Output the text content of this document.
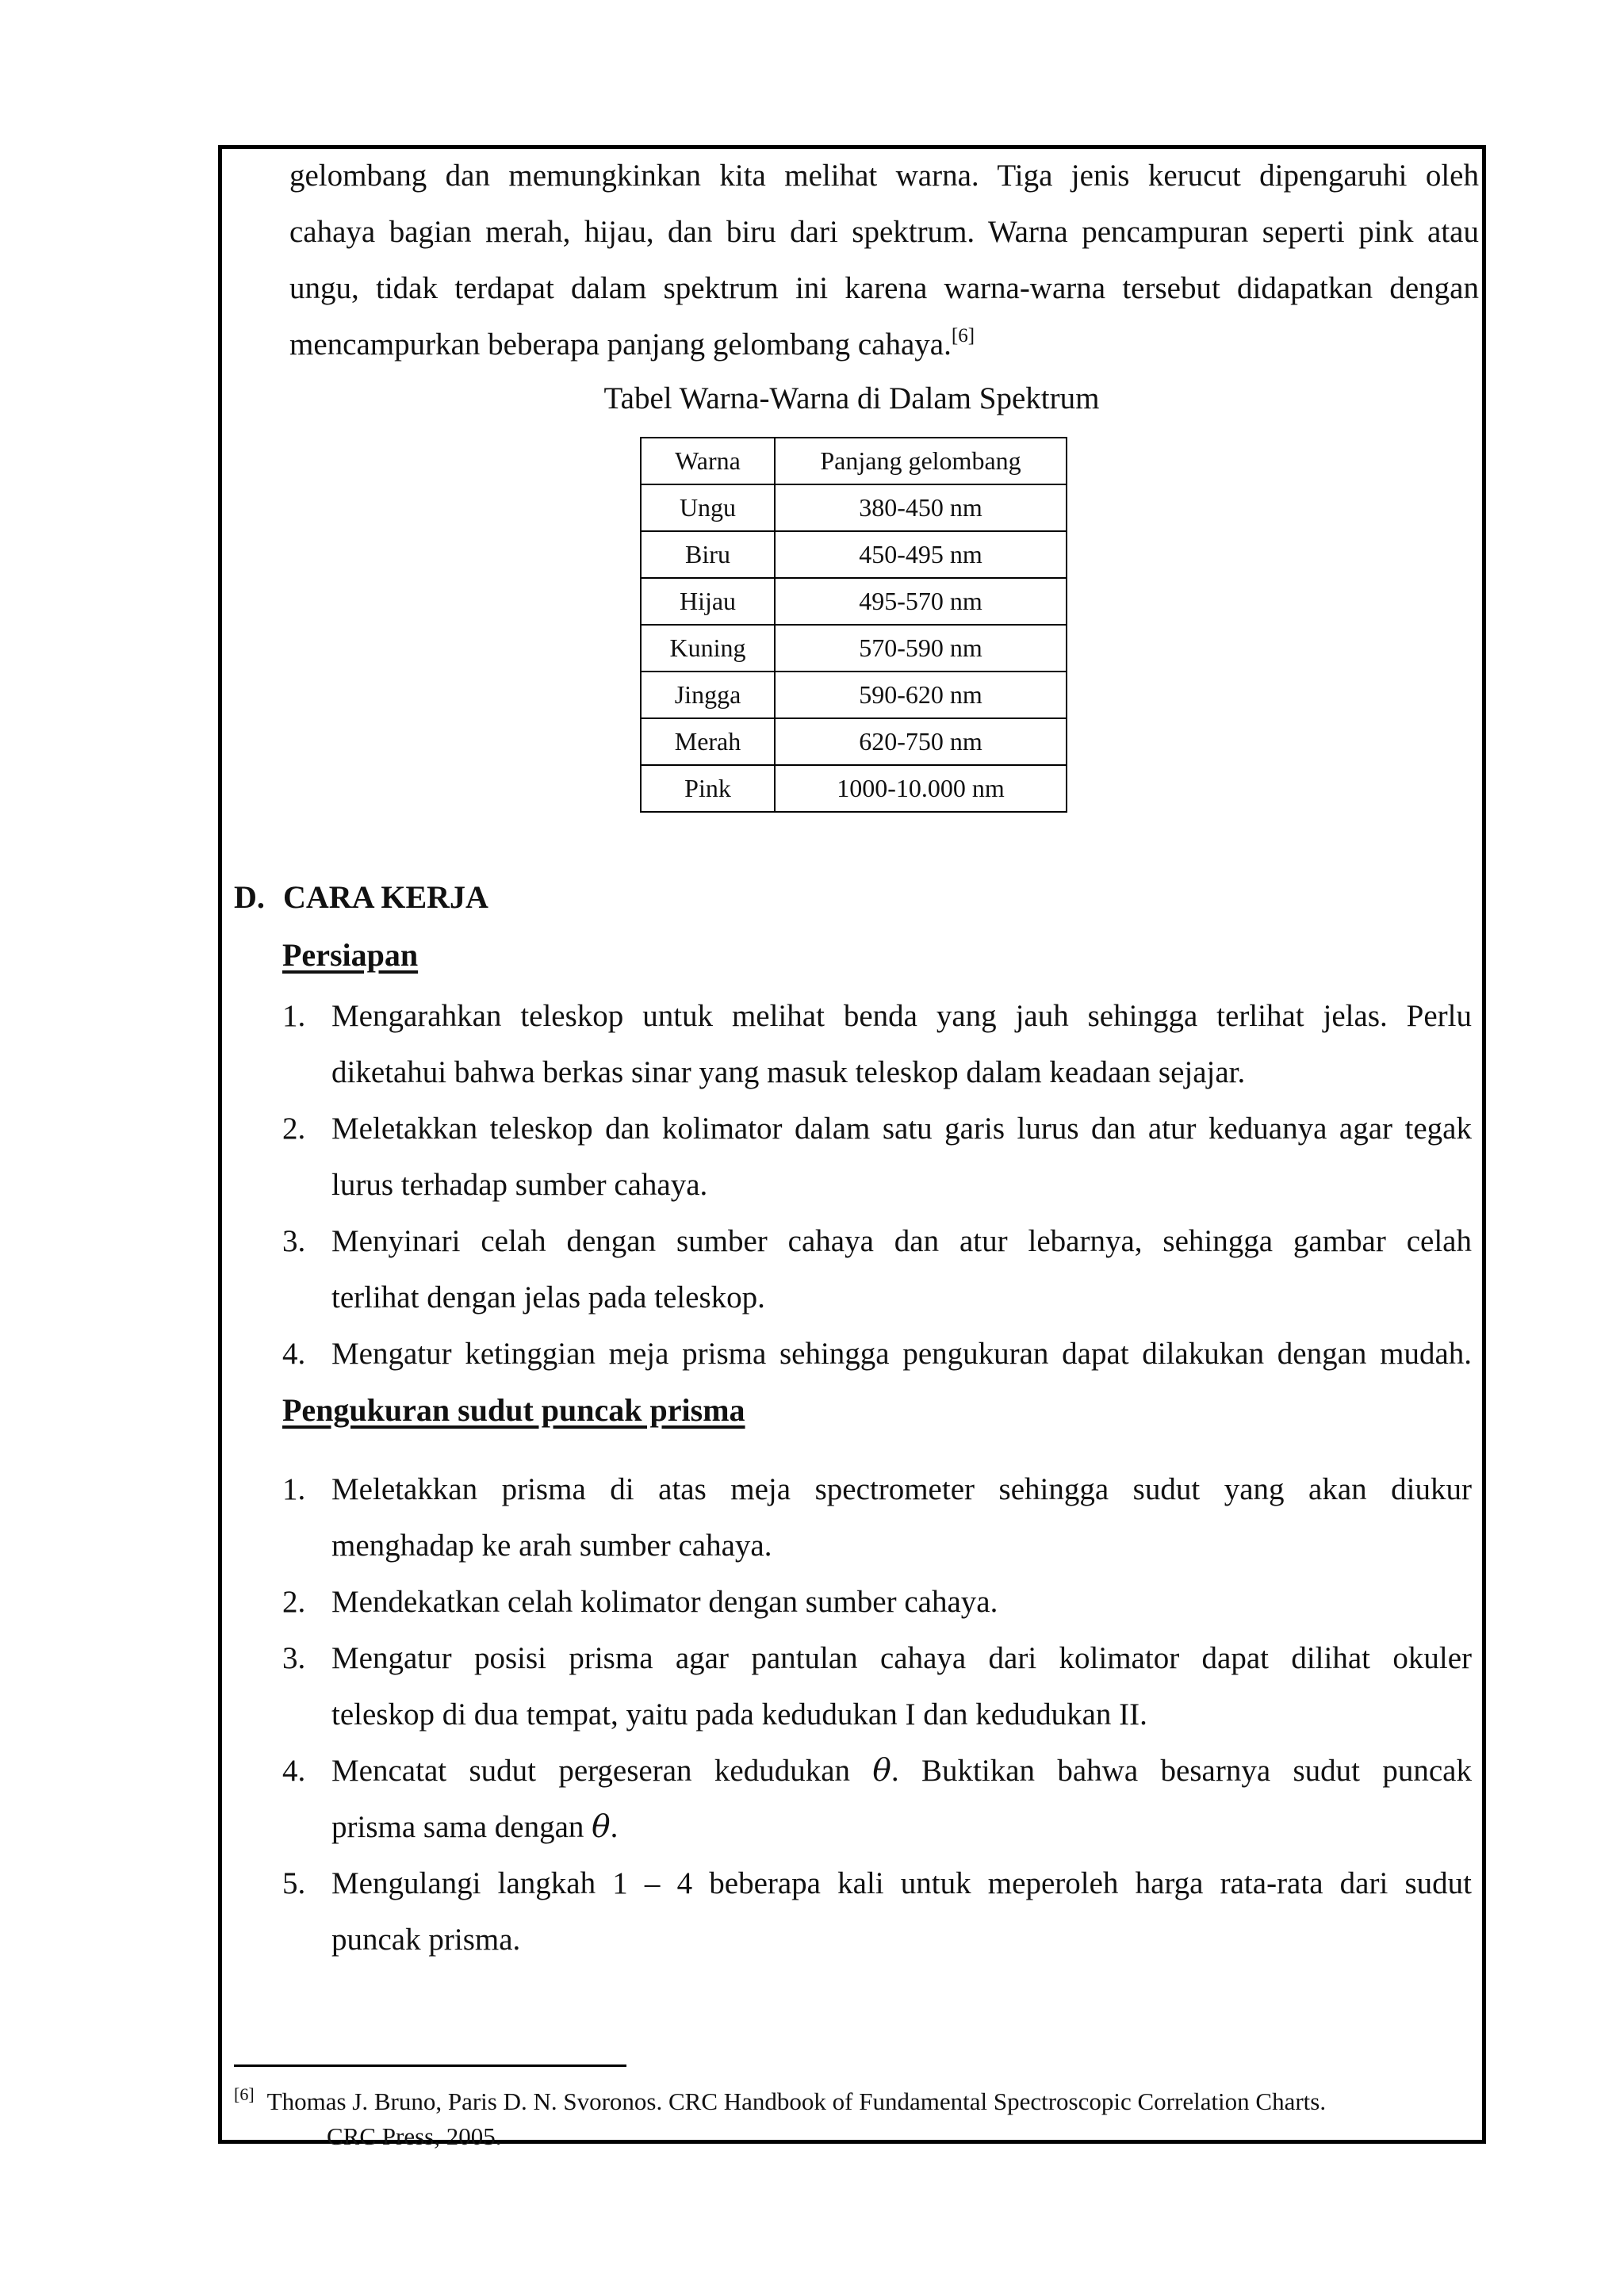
gelombang dan memungkinkan kita melihat warna. Tiga jenis kerucut dipengaruhi oleh

cahaya bagian merah, hijau, dan biru dari spektrum. Warna pencampuran seperti pink atau

ungu, tidak terdapat dalam spektrum ini karena warna-warna tersebut didapatkan dengan

mencampurkan beberapa panjang gelombang cahaya.[6]

Tabel Warna-Warna di Dalam Spektrum
Warna	Panjang gelombang
Ungu	380-450 nm
Biru	450-495 nm
Hijau	495-570 nm
Kuning	570-590 nm
Jingga	590-620 nm
Merah	620-750 nm
Pink	1000-10.000 nm
D. CARA KERJA
Persiapan
1. Mengarahkan teleskop untuk melihat benda yang jauh sehingga terlihat jelas. Perlu
diketahui bahwa berkas sinar yang masuk teleskop dalam keadaan sejajar.
2. Meletakkan teleskop dan kolimator dalam satu garis lurus dan atur keduanya agar tegak
lurus terhadap sumber cahaya.
3. Menyinari celah dengan sumber cahaya dan atur lebarnya, sehingga gambar celah
terlihat dengan jelas pada teleskop.
4. Mengatur ketinggian meja prisma sehingga pengukuran dapat dilakukan dengan mudah.
Pengukuran sudut puncak prisma
1. Meletakkan prisma di atas meja spectrometer sehingga sudut yang akan diukur
menghadap ke arah sumber cahaya.
2. Mendekatkan celah kolimator dengan sumber cahaya.
3. Mengatur posisi prisma agar pantulan cahaya dari kolimator dapat dilihat okuler
teleskop di dua tempat, yaitu pada kedudukan I dan kedudukan II.
4. Mencatat sudut pergeseran kedudukan θ. Buktikan bahwa besarnya sudut puncak
prisma sama dengan θ.
5. Mengulangi langkah 1 – 4 beberapa kali untuk meperoleh harga rata-rata dari sudut
puncak prisma.
[6] Thomas J. Bruno, Paris D. N. Svoronos. CRC Handbook of Fundamental Spectroscopic Correlation Charts.
CRC Press, 2005.
